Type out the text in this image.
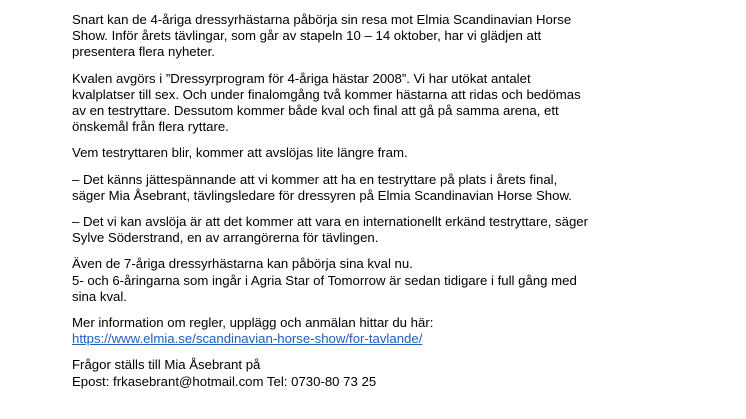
Snart kan de 4-åriga dressyrhästarna påbörja sin resa mot Elmia Scandinavian Horse
Show. Inför årets tävlingar, som går av stapeln 10 – 14 oktober, har vi glädjen att
presentera flera nyheter.

Kvalen avgörs i ”Dressyrprogram för 4-åriga hästar 2008”. Vi har utökat antalet
kvalplatser till sex. Och under finalomgång två kommer hästarna att ridas och bedömas
av en testryttare. Dessutom kommer både kval och final att gå på samma arena, ett
önskemål från flera ryttare.

Vem testryttaren blir, kommer att avslöjas lite längre fram.

– Det känns jättespännande att vi kommer att ha en testryttare på plats i årets final,
säger Mia Åsebrant, tävlingsledare för dressyren på Elmia Scandinavian Horse Show.

– Det vi kan avslöja är att det kommer att vara en internationellt erkänd testryttare, säger
Sylve Söderstrand, en av arrangörerna för tävlingen.

Även de 7-åriga dressyrhästarna kan påbörja sina kval nu.
5- och 6-åringarna som ingår i Agria Star of Tomorrow är sedan tidigare i full gång med
sina kval.

Mer information om regler, upplägg och anmälan hittar du här:
https://www.elmia.se/scandinavian-horse-show/for-tavlande/

Frågor ställs till Mia Åsebrant på
Epost: frkasebrant@hotmail.com Tel: 0730-80 73 25
